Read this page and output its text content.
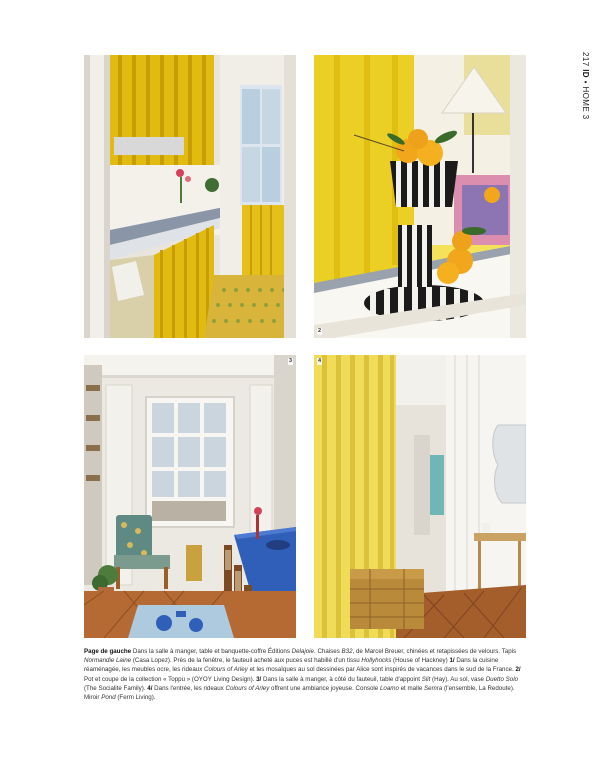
217 ID • HOME 3
2
3	4
Page de gauche Dans la salle à manger, table et banquette-coffre Éditions Delajoie. Chaises B32, de Marcel Breuer, chinées et retapissées de velours. Tapis Normandie Laine (Casa Lopez). Près de la fenêtre, le fauteuil acheté aux puces est habillé d'un tissu Hollyhocks (House of Hackney) 1/ Dans la cuisine réaménagée, les meubles ocre, les rideaux Colours of Arley et les mosaïques au sol dessinées par Alice sont inspirés de vacances dans le sud de la France. 2/ Pot et coupe de la collection « Toppu » (OYOY Living Design). 3/ Dans la salle à manger, à côté du fauteuil, table d'appoint Slit (Hay). Au sol, vase Duetto Solo (The Socialite Family). 4/ Dans l'entrée, les rideaux Colours of Arley offrent une ambiance joyeuse. Console Loamo et malle Semra (l'ensemble, La Redoute). Miroir Pond (Ferm Living).
